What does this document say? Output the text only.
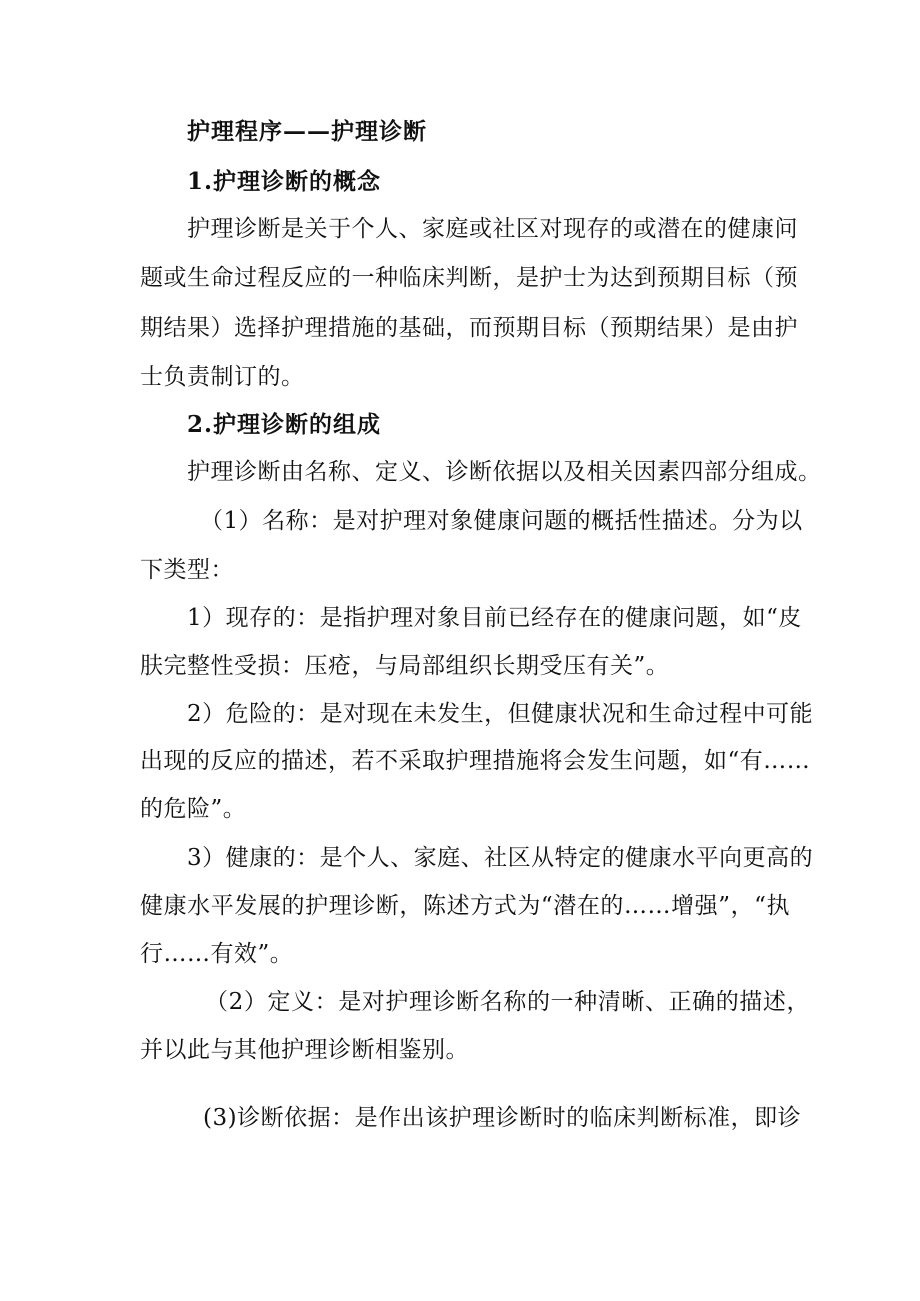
护理程序——护理诊断
1.护理诊断的概念
护理诊断是关于个人、家庭或社区对现存的或潜在的健康问
题或生命过程反应的一种临床判断，是护士为达到预期目标（预
期结果）选择护理措施的基础，而预期目标（预期结果）是由护
士负责制订的。
2.护理诊断的组成
护理诊断由名称、定义、诊断依据以及相关因素四部分组成。
（1）名称：是对护理对象健康问题的概括性描述。分为以
下类型：
1）现存的：是指护理对象目前已经存在的健康问题，如“皮
肤完整性受损：压疮，与局部组织长期受压有关”。
2）危险的：是对现在未发生，但健康状况和生命过程中可能
出现的反应的描述，若不采取护理措施将会发生问题，如“有……
的危险”。
3）健康的：是个人、家庭、社区从特定的健康水平向更高的
健康水平发展的护理诊断，陈述方式为“潜在的……增强”，“执
行……有效”。
（2）定义：是对护理诊断名称的一种清晰、正确的描述，
并以此与其他护理诊断相鉴别。
(3)诊断依据：是作出该护理诊断时的临床判断标准，即诊
